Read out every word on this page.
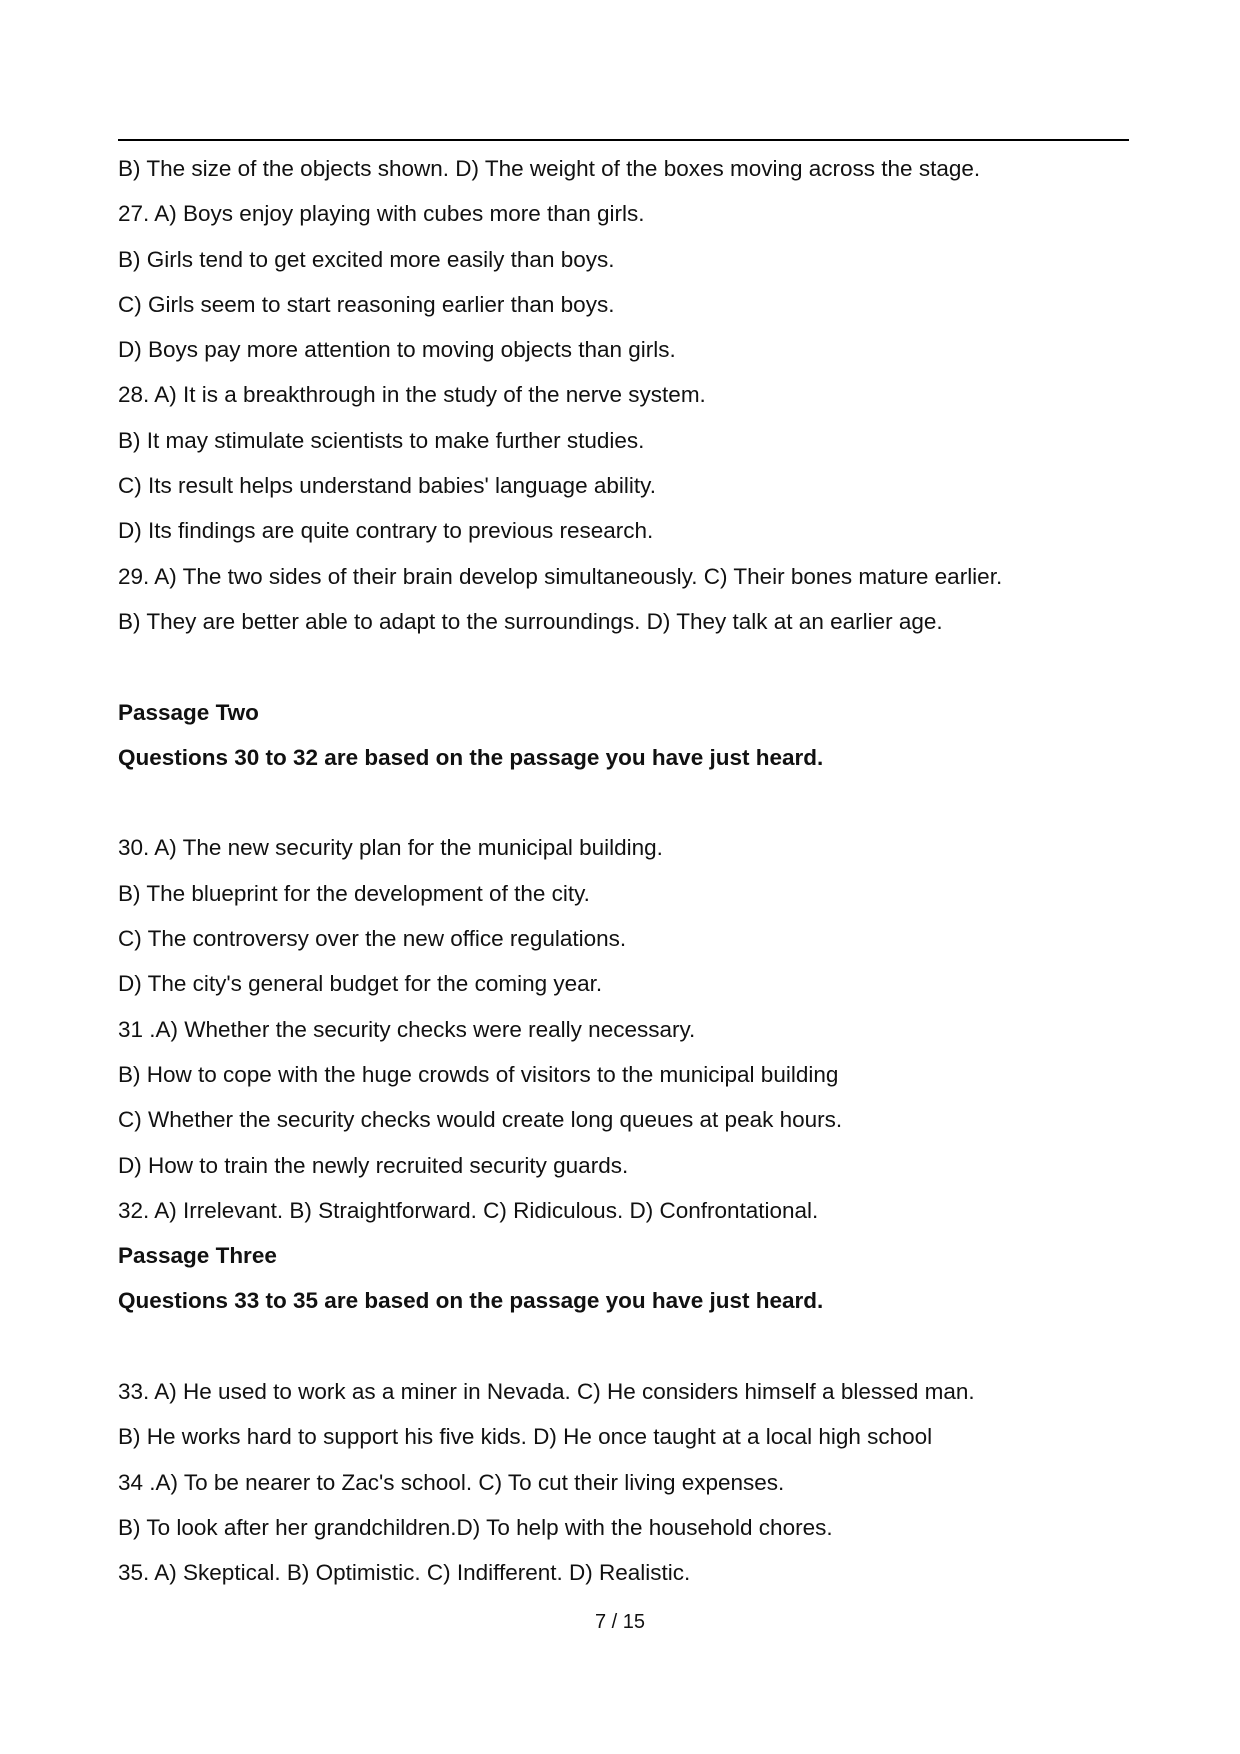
B) The size of the objects shown. D) The weight of the boxes moving across the stage.
27. A) Boys enjoy playing with cubes more than girls.
B) Girls tend to get excited more easily than boys.
C) Girls seem to start reasoning earlier than boys.
D) Boys pay more attention to moving objects than girls.
28. A) It is a breakthrough in the study of the nerve system.
B) It may stimulate scientists to make further studies.
C) Its result helps understand babies' language ability.
D) Its findings are quite contrary to previous research.
29. A) The two sides of their brain develop simultaneously. C) Their bones mature earlier.
B) They are better able to adapt to the surroundings. D) They talk at an earlier age.
Passage Two
Questions 30 to 32 are based on the passage you have just heard.
30. A) The new security plan for the municipal building.
B) The blueprint for the development of the city.
C) The controversy over the new office regulations.
D) The city's general budget for the coming year.
31 .A) Whether the security checks were really necessary.
B) How to cope with the huge crowds of visitors to the municipal building
C) Whether the security checks would create long queues at peak hours.
D) How to train the newly recruited security guards.
32. A) Irrelevant. B) Straightforward. C) Ridiculous. D) Confrontational.
Passage Three
Questions 33 to 35 are based on the passage you have just heard.
33. A) He used to work as a miner in Nevada. C) He considers himself a blessed man.
B) He works hard to support his five kids. D) He once taught at a local high school
34 .A) To be nearer to Zac's school. C) To cut their living expenses.
B) To look after her grandchildren.D) To help with the household chores.
35. A) Skeptical. B) Optimistic. C) Indifferent. D) Realistic.
7 / 15
